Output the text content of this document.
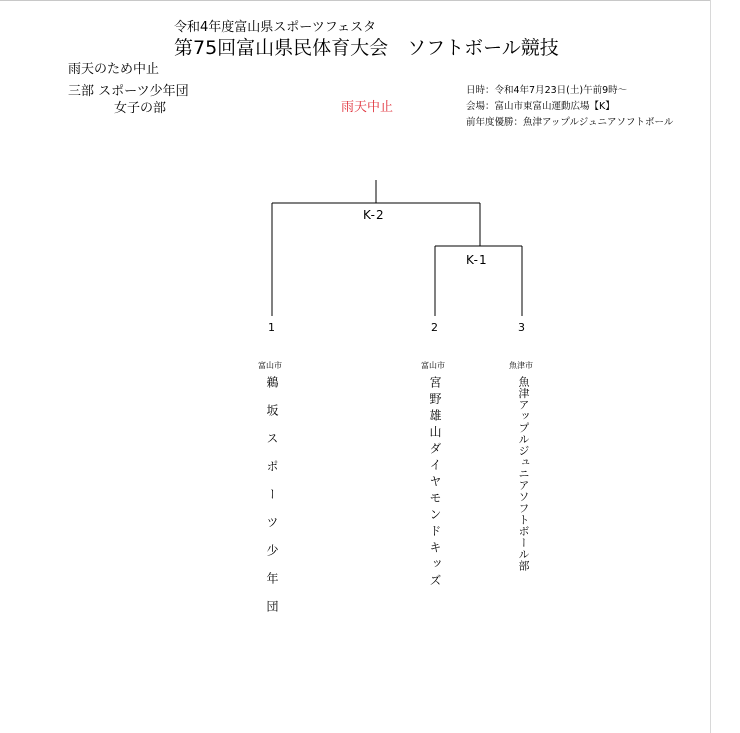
令和4年度富山県スポーツフェスタ
第75回富山県民体育大会　ソフトボール競技
雨天のため中止
三部 スポーツ少年団
女子の部	雨天中止
日時：令和4年7月23日(土)午前9時～
会場：富山市東富山運動広場【K】
前年度優勝：魚津アップルジュニアソフトボール
K-2
K-1
1	2	3
富山市	富山市	魚津市
鵜坂スポーツ少年団	宮野雄山ダイヤモンドキッズ	魚津アップルジュニアソフトボール部
